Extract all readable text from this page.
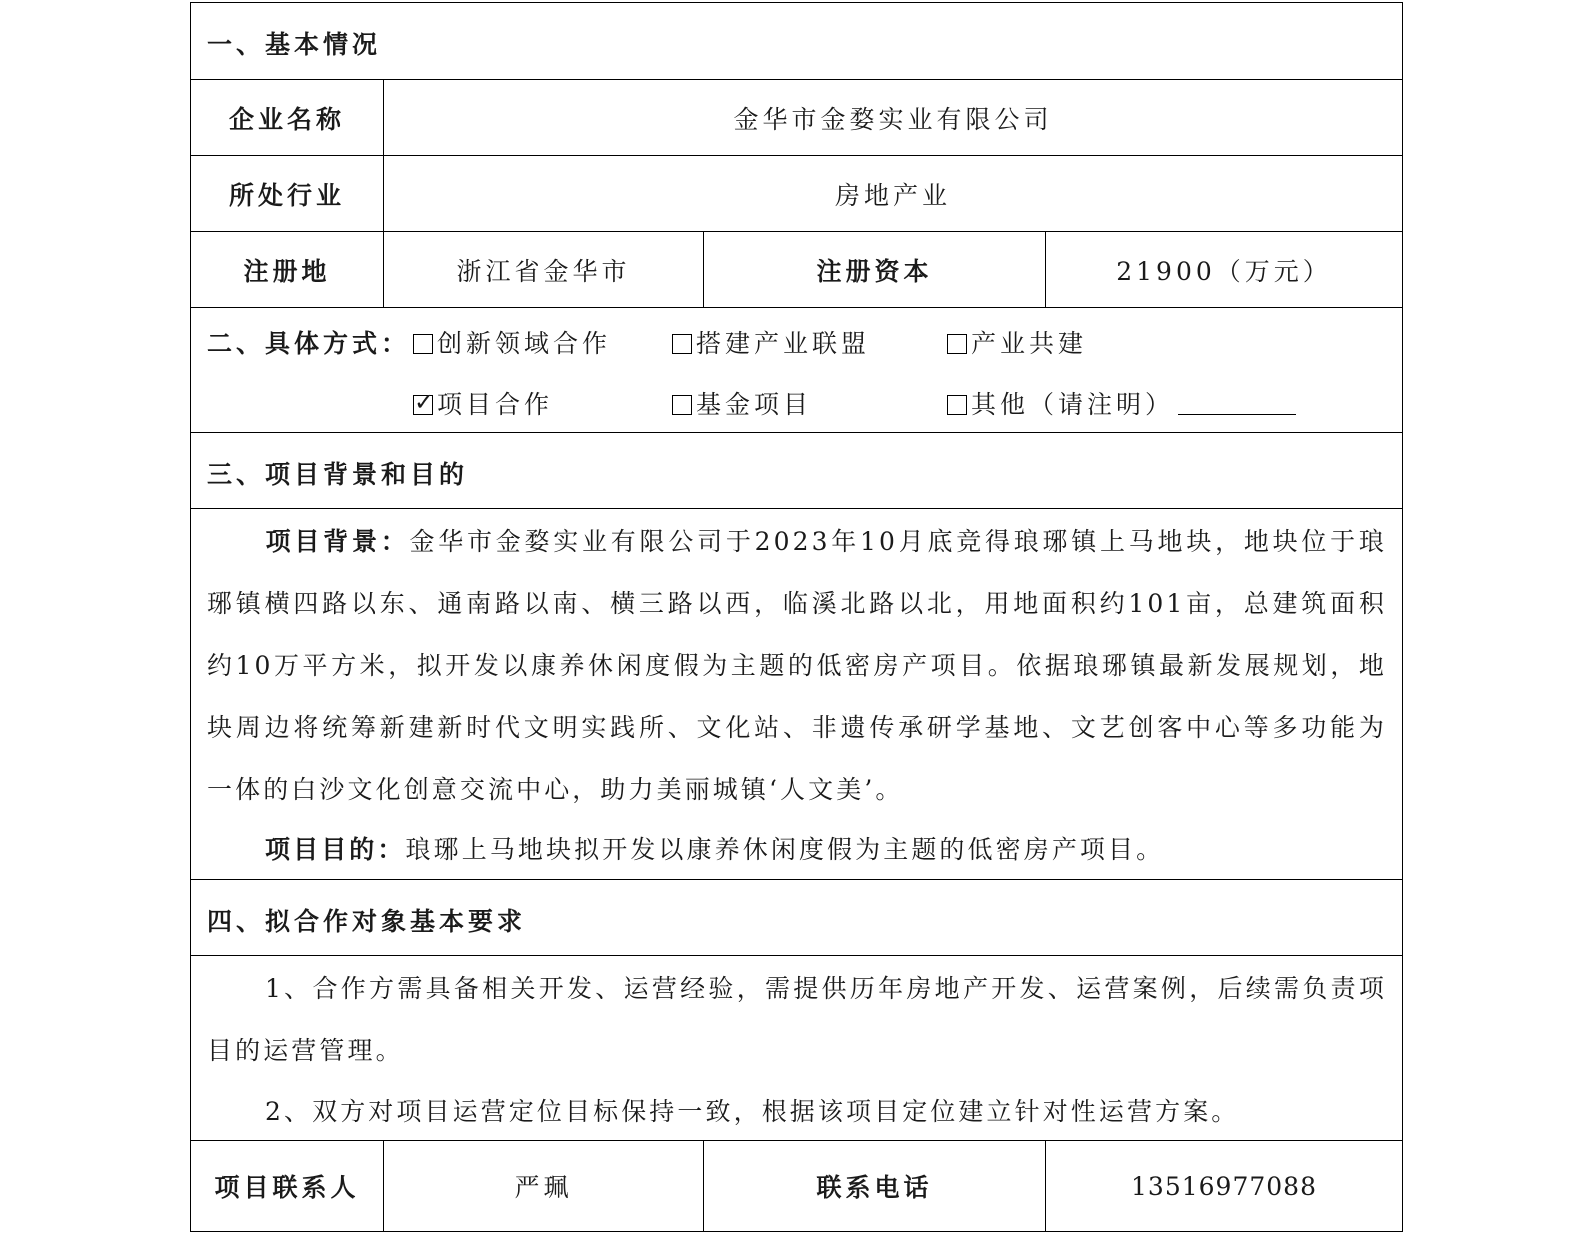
一、基本情况
企业名称	金华市金婺实业有限公司
所处行业	房地产业
注册地	浙江省金华市	注册资本	21900（万元）
二、具体方式：	创新领域合作	搭建产业联盟	产业共建
✓项目合作	基金项目	其他（请注明）
三、项目背景和目的
项目背景：金华市金婺实业有限公司于2023年10月底竞得琅琊镇上马地块，地块位于琅琊镇横四路以东、通南路以南、横三路以西，临溪北路以北，用地面积约101亩，总建筑面积约10万平方米，拟开发以康养休闲度假为主题的低密房产项目。依据琅琊镇最新发展规划，地块周边将统筹新建新时代文明实践所、文化站、非遗传承研学基地、文艺创客中心等多功能为一体的白沙文化创意交流中心，助力美丽城镇‘人文美’。
项目目的：琅琊上马地块拟开发以康养休闲度假为主题的低密房产项目。
四、拟合作对象基本要求
1、合作方需具备相关开发、运营经验，需提供历年房地产开发、运营案例，后续需负责项目的运营管理。
2、双方对项目运营定位目标保持一致，根据该项目定位建立针对性运营方案。
项目联系人	严珮	联系电话	13516977088
